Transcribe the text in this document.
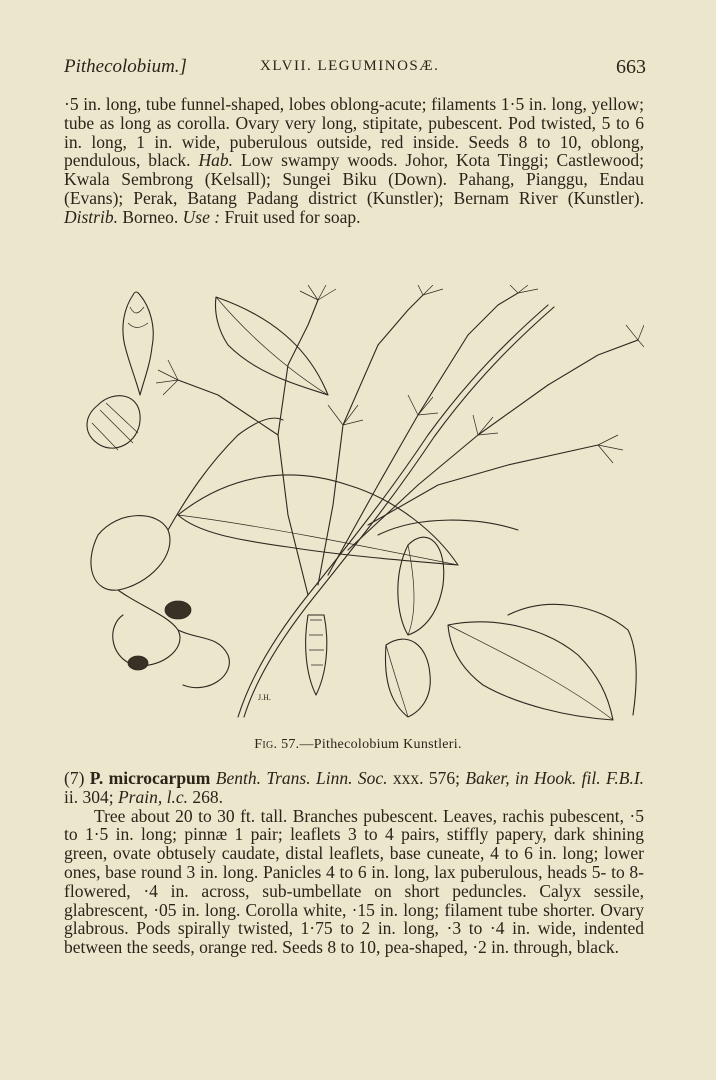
Pithecolobium.]	XLVII. LEGUMINOSÆ.	663
·5 in. long, tube funnel-shaped, lobes oblong-acute; filaments 1·5 in. long, yellow; tube as long as corolla. Ovary very long, stipitate, pubescent. Pod twisted, 5 to 6 in. long, 1 in. wide, puberulous outside, red inside. Seeds 8 to 10, oblong, pendulous, black. Hab. Low swampy woods. Johor, Kota Tinggi; Castlewood; Kwala Sembrong (Kelsall); Sungei Biku (Down). Pahang, Pianggu, Endau (Evans); Perak, Batang Padang district (Kunstler); Bernam River (Kunstler). Distrib. Borneo. Use : Fruit used for soap.
J.H.
Fig. 57.—Pithecolobium Kunstleri.
(7) P. microcarpum Benth. Trans. Linn. Soc. xxx. 576; Baker, in Hook. fil. F.B.I. ii. 304; Prain, l.c. 268.
Tree about 20 to 30 ft. tall. Branches pubescent. Leaves, rachis pubescent, ·5 to 1·5 in. long; pinnæ 1 pair; leaflets 3 to 4 pairs, stiffly papery, dark shining green, ovate obtusely caudate, distal leaflets, base cuneate, 4 to 6 in. long; lower ones, base round 3 in. long. Panicles 4 to 6 in. long, lax puberulous, heads 5- to 8-flowered, ·4 in. across, sub-umbellate on short peduncles. Calyx sessile, glabrescent, ·05 in. long. Corolla white, ·15 in. long; filament tube shorter. Ovary glabrous. Pods spirally twisted, 1·75 to 2 in. long, ·3 to ·4 in. wide, indented between the seeds, orange red. Seeds 8 to 10, pea-shaped, ·2 in. through, black.
